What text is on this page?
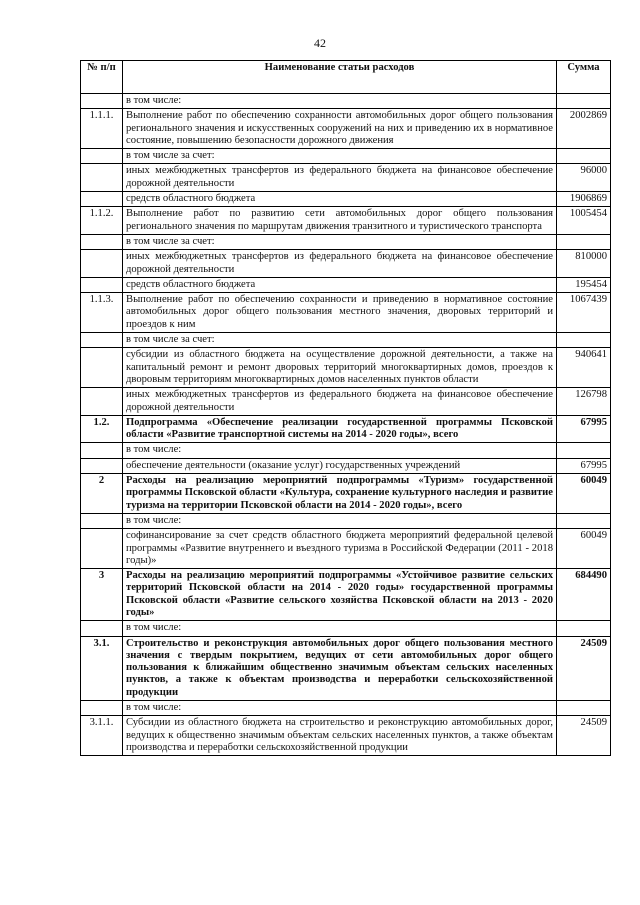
42
№ п/п	Наименование статьи расходов	Сумма
	в том числе:	
1.1.1.	Выполнение работ по обеспечению сохранности автомобильных дорог общего пользования регионального значения и искусственных сооружений на них и приведению их в нормативное состояние, повышению безопасности дорожного движения	2002869
	в том числе за счет:	
	иных межбюджетных трансфертов из федерального бюджета на финансовое обеспечение дорожной деятельности	96000
	средств областного бюджета	1906869
1.1.2.	Выполнение работ по развитию сети автомобильных дорог общего пользования регионального значения по маршрутам движения транзитного и туристического транспорта	1005454
	в том числе за счет:	
	иных межбюджетных трансфертов из федерального бюджета на финансовое обеспечение дорожной деятельности	810000
	средств областного бюджета	195454
1.1.3.	Выполнение работ по обеспечению сохранности и приведению в нормативное состояние автомобильных дорог общего пользования местного значения, дворовых территорий и проездов к ним	1067439
	в том числе за счет:	
	субсидии из областного бюджета на осуществление дорожной деятельности, а также на капитальный ремонт и ремонт дворовых территорий многоквартирных домов, проездов к дворовым территориям многоквартирных домов населенных пунктов области	940641
	иных межбюджетных трансфертов из федерального бюджета на финансовое обеспечение дорожной деятельности	126798
1.2.	Подпрограмма «Обеспечение реализации государственной программы Псковской области «Развитие транспортной системы на 2014 - 2020 годы», всего	67995
	в том числе:	
	обеспечение деятельности (оказание услуг) государственных учреждений	67995
2	Расходы на реализацию мероприятий подпрограммы «Туризм» государственной программы Псковской области «Культура, сохранение культурного наследия и развитие туризма на территории Псковской области на 2014 - 2020 годы», всего	60049
	в том числе:	
	софинансирование за счет средств областного бюджета мероприятий федеральной целевой программы «Развитие внутреннего и въездного туризма в Российской Федерации (2011 - 2018 годы)»	60049
3	Расходы на реализацию мероприятий подпрограммы «Устойчивое развитие сельских территорий Псковской области на 2014 - 2020 годы» государственной программы Псковской области «Развитие сельского хозяйства Псковской области на 2013 - 2020 годы»	684490
	в том числе:	
3.1.	Строительство и реконструкция автомобильных дорог общего пользования местного значения с твердым покрытием, ведущих от сети автомобильных дорог общего пользования к ближайшим общественно значимым объектам сельских населенных пунктов, а также к объектам производства и переработки сельскохозяйственной продукции	24509
	в том числе:	
3.1.1.	Субсидии из областного бюджета на строительство и реконструкцию автомобильных дорог, ведущих к общественно значимым объектам сельских населенных пунктов, а также объектам производства и переработки сельскохозяйственной продукции	24509
